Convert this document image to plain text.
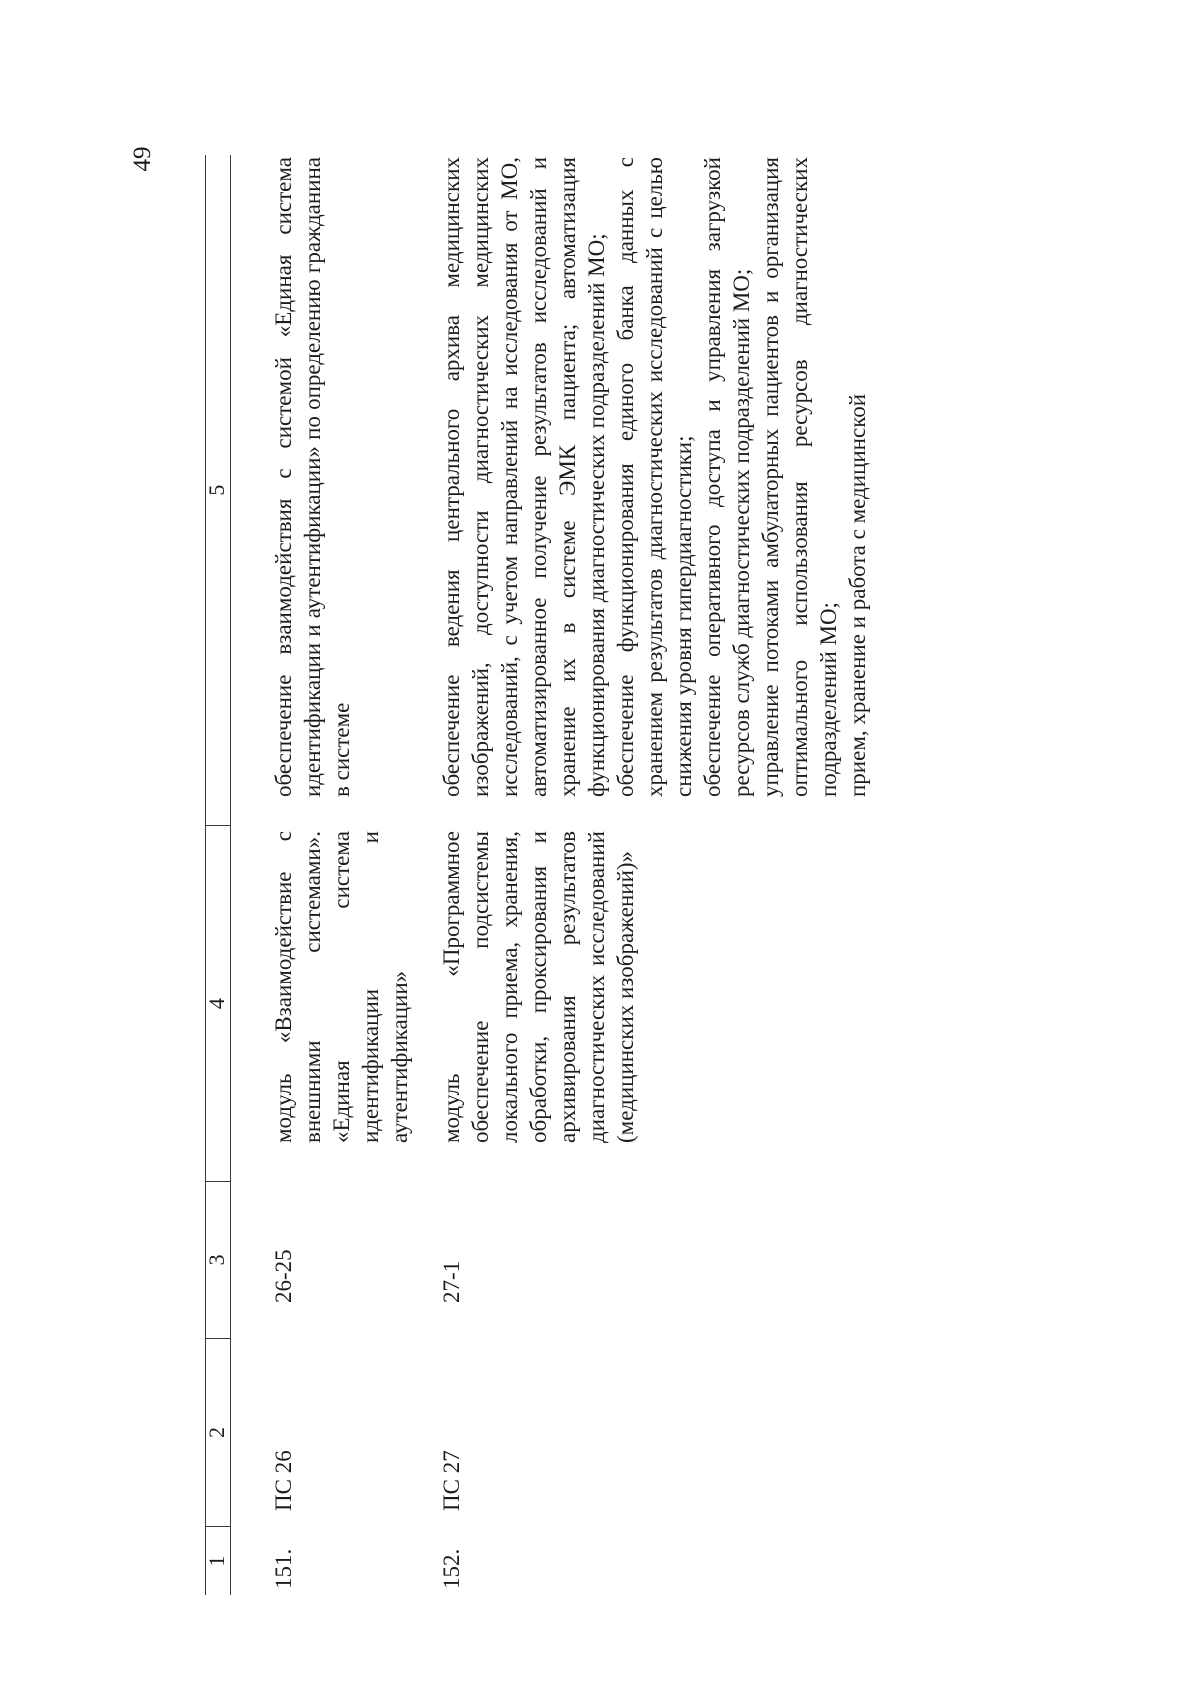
49
1
2
3
4
5
151.
ПС 26
26-25
модуль «Взаимодействие с внешними системами». «Единая система идентификации и аутентификации»

обеспечение взаимодействия с системой «Единая система идентификации и аутентификации» по определению гражданина в системе

152.
ПС 27
27-1
модуль «Программное обеспечение подсистемы локального приема, хранения, обработки, проксирования и архивирования результатов диагностических исследований (медицинских изображений)»

обеспечение ведения центрального архива медицинских изображений, доступности диагностических медицинских исследований, с учетом направлений на исследования от МО, автоматизированное получение результатов исследований и хранение их в системе ЭМК пациента; автоматизация функционирования диагностических подразделений МО; обеспечение функционирования единого банка данных с хранением результатов диагностических исследований с целью снижения уровня гипердиагностики; обеспечение оперативного доступа и управления загрузкой ресурсов служб диагностических подразделений МО; управление потоками амбулаторных пациентов и организация оптимального использования ресурсов диагностических подразделений МО; прием, хранение и работа с медицинской
